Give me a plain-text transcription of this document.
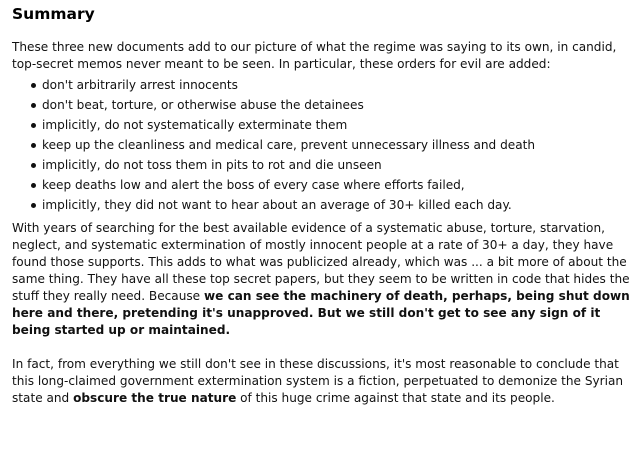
Summary

These three new documents add to our picture of what the regime was saying to its own, in candid, top-secret memos never meant to be seen. In particular, these orders for evil are added:

don't arbitrarily arrest innocents
don't beat, torture, or otherwise abuse the detainees
implicitly, do not systematically exterminate them
keep up the cleanliness and medical care, prevent unnecessary illness and death
implicitly, do not toss them in pits to rot and die unseen
keep deaths low and alert the boss of every case where efforts failed,
implicitly, they did not want to hear about an average of 30+ killed each day.

With years of searching for the best available evidence of a systematic abuse, torture, starvation, neglect, and systematic extermination of mostly innocent people at a rate of 30+ a day, they have found those supports. This adds to what was publicized already, which was ... a bit more of about the same thing. They have all these top secret papers, but they seem to be written in code that hides the stuff they really need. Because we can see the machinery of death, perhaps, being shut down here and there, pretending it's unapproved. But we still don't get to see any sign of it being started up or maintained.

In fact, from everything we still don't see in these discussions, it's most reasonable to conclude that this long-claimed government extermination system is a fiction, perpetuated to demonize the Syrian state and obscure the true nature of this huge crime against that state and its people.
